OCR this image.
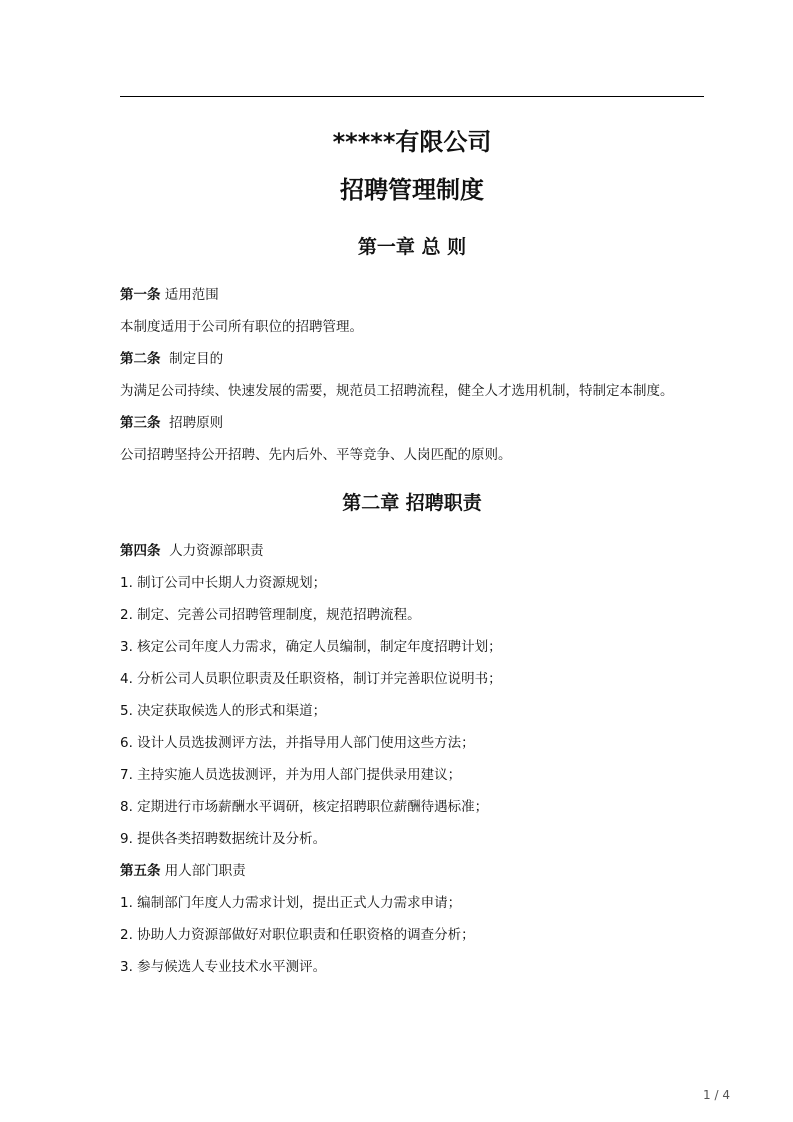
*****有限公司
招聘管理制度
第一章 总 则
第一条 适用范围
本制度适用于公司所有职位的招聘管理。
第二条 制定目的
为满足公司持续、快速发展的需要，规范员工招聘流程，健全人才选用机制，特制定本制度。
第三条 招聘原则
公司招聘坚持公开招聘、先内后外、平等竞争、人岗匹配的原则。
第二章 招聘职责
第四条 人力资源部职责
1. 制订公司中长期人力资源规划；
2. 制定、完善公司招聘管理制度，规范招聘流程。
3. 核定公司年度人力需求，确定人员编制，制定年度招聘计划；
4. 分析公司人员职位职责及任职资格，制订并完善职位说明书；
5. 决定获取候选人的形式和渠道；
6. 设计人员选拔测评方法，并指导用人部门使用这些方法；
7. 主持实施人员选拔测评，并为用人部门提供录用建议；
8. 定期进行市场薪酬水平调研，核定招聘职位薪酬待遇标准；
9. 提供各类招聘数据统计及分析。
第五条 用人部门职责
1. 编制部门年度人力需求计划，提出正式人力需求申请；
2. 协助人力资源部做好对职位职责和任职资格的调查分析；
3. 参与候选人专业技术水平测评。
1 / 4
